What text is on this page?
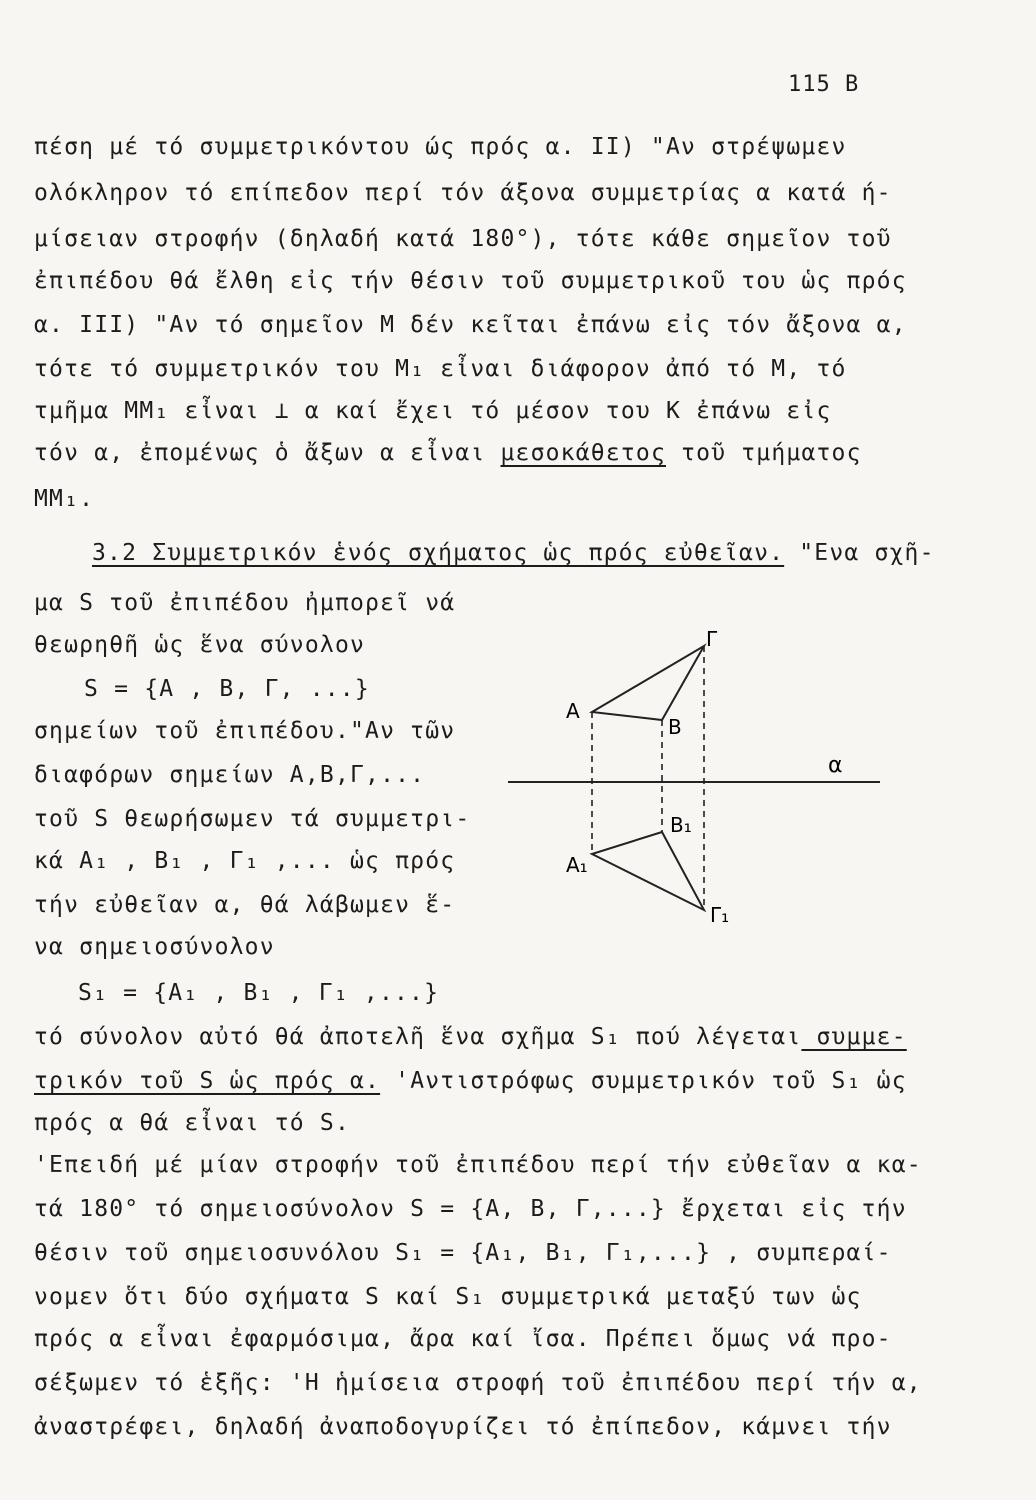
115 B
πέση μέ τό συμμετρικόντου ώς πρός α. II) "Αν στρέψωμεν
ολόκληρον τό επίπεδον περί τόν άξονα συμμετρίας α κατά ή-
μίσειαν στροφήν (δηλαδή κατά 180°), τότε κάθε σημεῖον τοῦ
ἐπιπέδου θά ἔλθη εἰς τήν θέσιν τοῦ συμμετρικοῦ του ὡς πρός
α. III) "Αν τό σημεῖον M δέν κεῖται ἐπάνω εἰς τόν ἄξονα α,
τότε τό συμμετρικόν του M₁ εἶναι διάφορον ἀπό τό M, τό
τμῆμα MM₁ εἶναι ⊥ α καί ἔχει τό μέσον του K ἐπάνω εἰς
τόν α, ἐπομένως ὁ ἄξων α εἶναι μεσοκάθετος τοῦ τμήματος
MM₁.
3.2 Συμμετρικόν ἑνός σχήματος ὡς πρός εὐθεῖαν. "Ενα σχῆ-
μα S τοῦ ἐπιπέδου ἠμπορεῖ νά
θεωρηθῆ ὡς ἕνα σύνολον
S = {A , B, Γ, ...}
σημείων τοῦ ἐπιπέδου."Αν τῶν
διαφόρων σημείων A,B,Γ,...
τοῦ S θεωρήσωμεν τά συμμετρι-
κά A₁ , B₁ , Γ₁ ,... ὡς πρός
τήν εὐθεῖαν α, θά λάβωμεν ἕ-
να σημειοσύνολον
S₁ = {A₁ , B₁ , Γ₁ ,...}
Γ
A
B
α
B₁
A₁
Γ₁
τό σύνολον αὐτό θά ἀποτελῆ ἕνα σχῆμα S₁ πού λέγεται συμμε-
τρικόν τοῦ S ὡς πρός α. 'Αντιστρόφως συμμετρικόν τοῦ S₁ ὡς
πρός α θά εἶναι τό S.
'Επειδή μέ μίαν στροφήν τοῦ ἐπιπέδου περί τήν εὐθεῖαν α κα-
τά 180° τό σημειοσύνολον S = {A, B, Γ,...} ἔρχεται εἰς τήν
θέσιν τοῦ σημειοσυνόλου S₁ = {A₁, B₁, Γ₁,...} , συμπεραί-
νομεν ὅτι δύο σχήματα S καί S₁ συμμετρικά μεταξύ των ὡς
πρός α εἶναι ἐφαρμόσιμα, ἄρα καί ἴσα. Πρέπει ὅμως νά προ-
σέξωμεν τό ἑξῆς: 'Η ἡμίσεια στροφή τοῦ ἐπιπέδου περί τήν α,
ἀναστρέφει, δηλαδή ἀναποδογυρίζει τό ἐπίπεδον, κάμνει τήν
